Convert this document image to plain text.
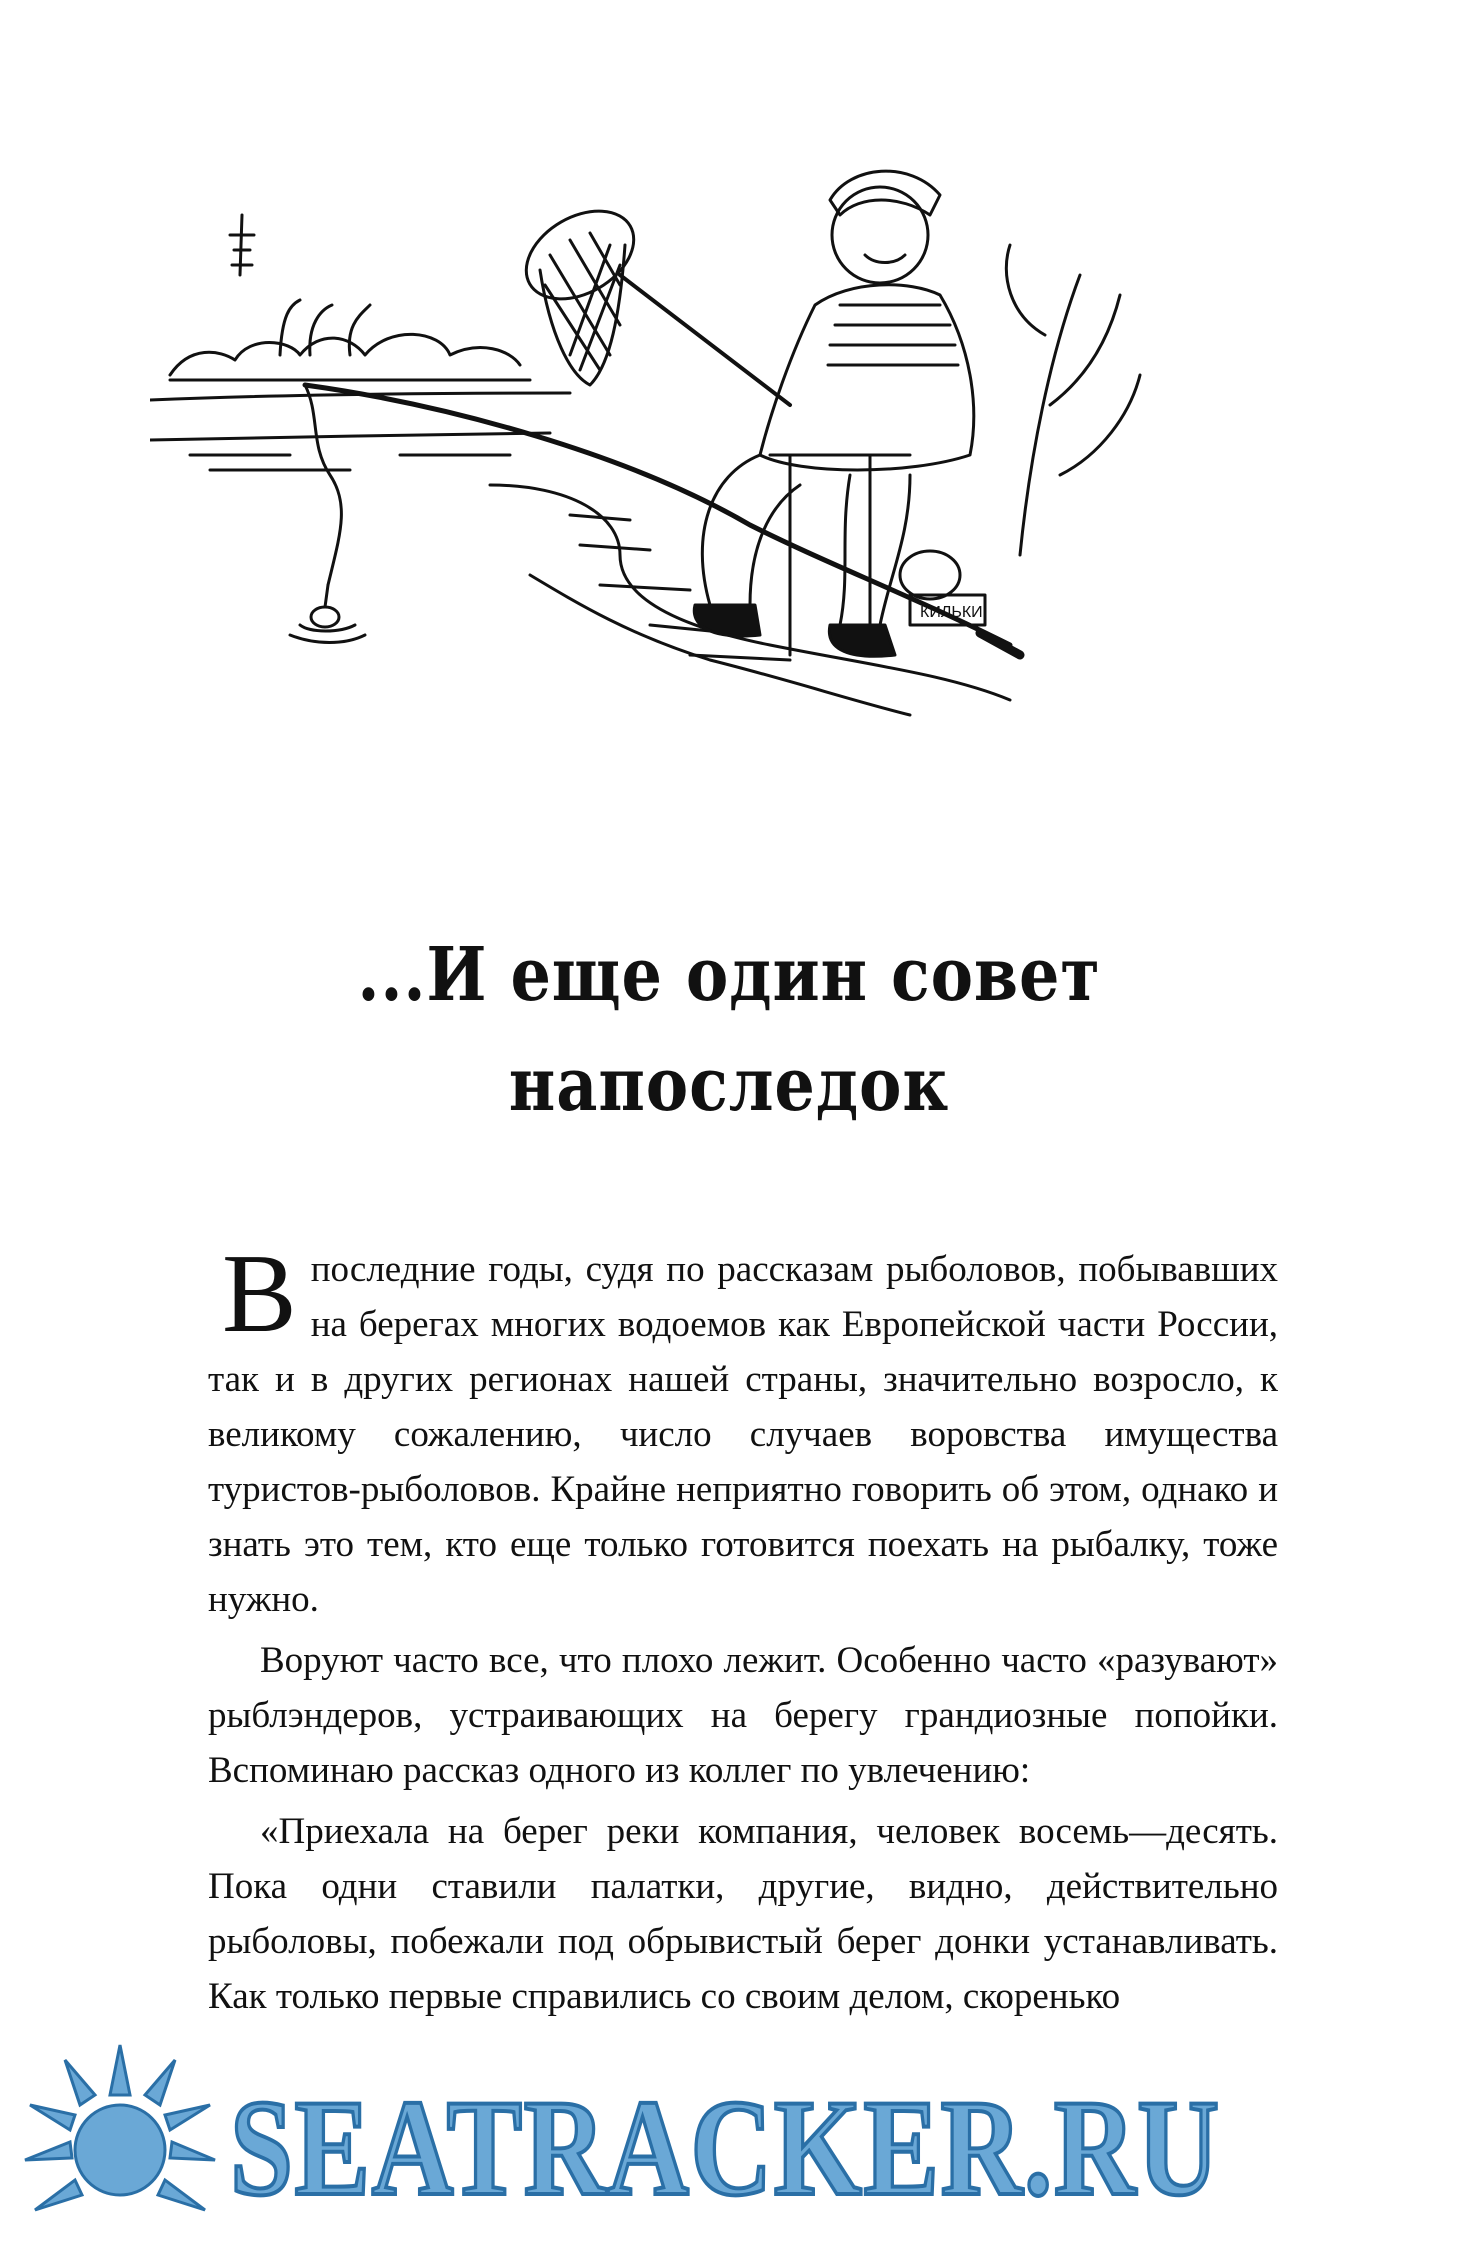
КИЛЬКИ
...И еще один совет
напоследок

Впоследние годы, судя по рассказам рыболовов, побывавших на берегах многих водоемов как Европейской части России, так и в других регионах нашей страны, значительно возросло, к великому сожалению, число случаев воровства имущества туристов-рыболовов. Крайне неприятно говорить об этом, однако и знать это тем, кто еще только готовится поехать на рыбалку, тоже нужно.

Воруют часто все, что плохо лежит. Особенно часто «разувают» рыблэндеров, устраивающих на берегу грандиозные попойки. Вспоминаю рассказ одного из коллег по увлечению:

«Приехала на берег реки компания, человек восемь—десять. Пока одни ставили палатки, другие, видно, действительно рыболовы, побежали под обрывистый берег донки устанавливать. Как только первые справились со своим делом, скоренько

SEATRACKER.RU
